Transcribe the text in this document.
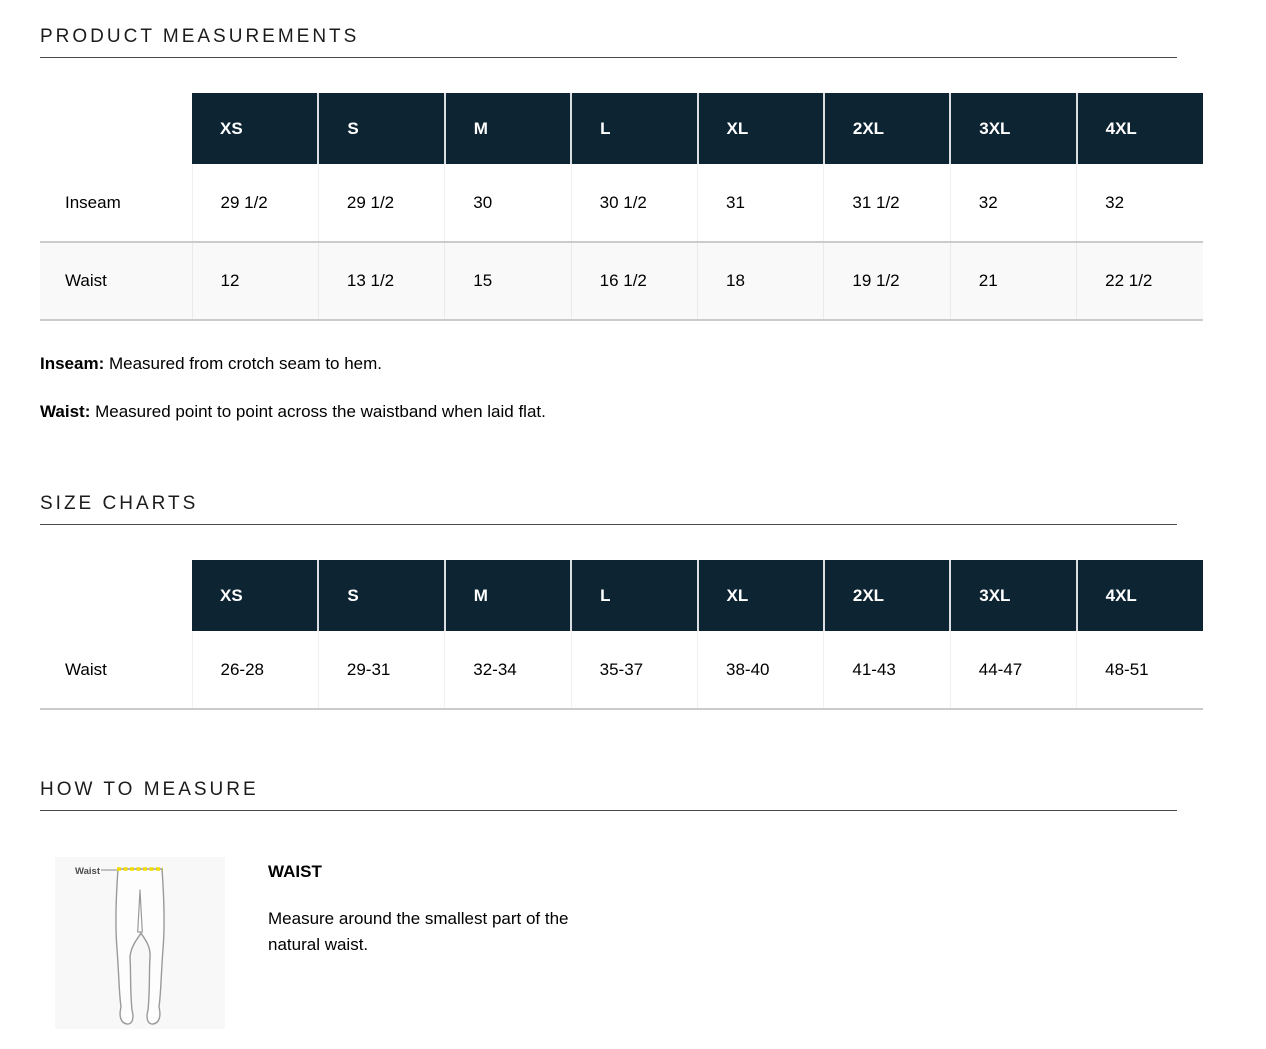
PRODUCT MEASUREMENTS
	XS	S	M	L	XL	2XL	3XL	4XL
Inseam	29 1/2	29 1/2	30	30 1/2	31	31 1/2	32	32
Waist	12	13 1/2	15	16 1/2	18	19 1/2	21	22 1/2

Inseam: Measured from crotch seam to hem.

Waist: Measured point to point across the waistband when laid flat.

SIZE CHARTS
	XS	S	M	L	XL	2XL	3XL	4XL
Waist	26-28	29-31	32-34	35-37	38-40	41-43	44-47	48-51
HOW TO MEASURE
Waist	WAIST

Measure around the smallest part of the natural waist.
